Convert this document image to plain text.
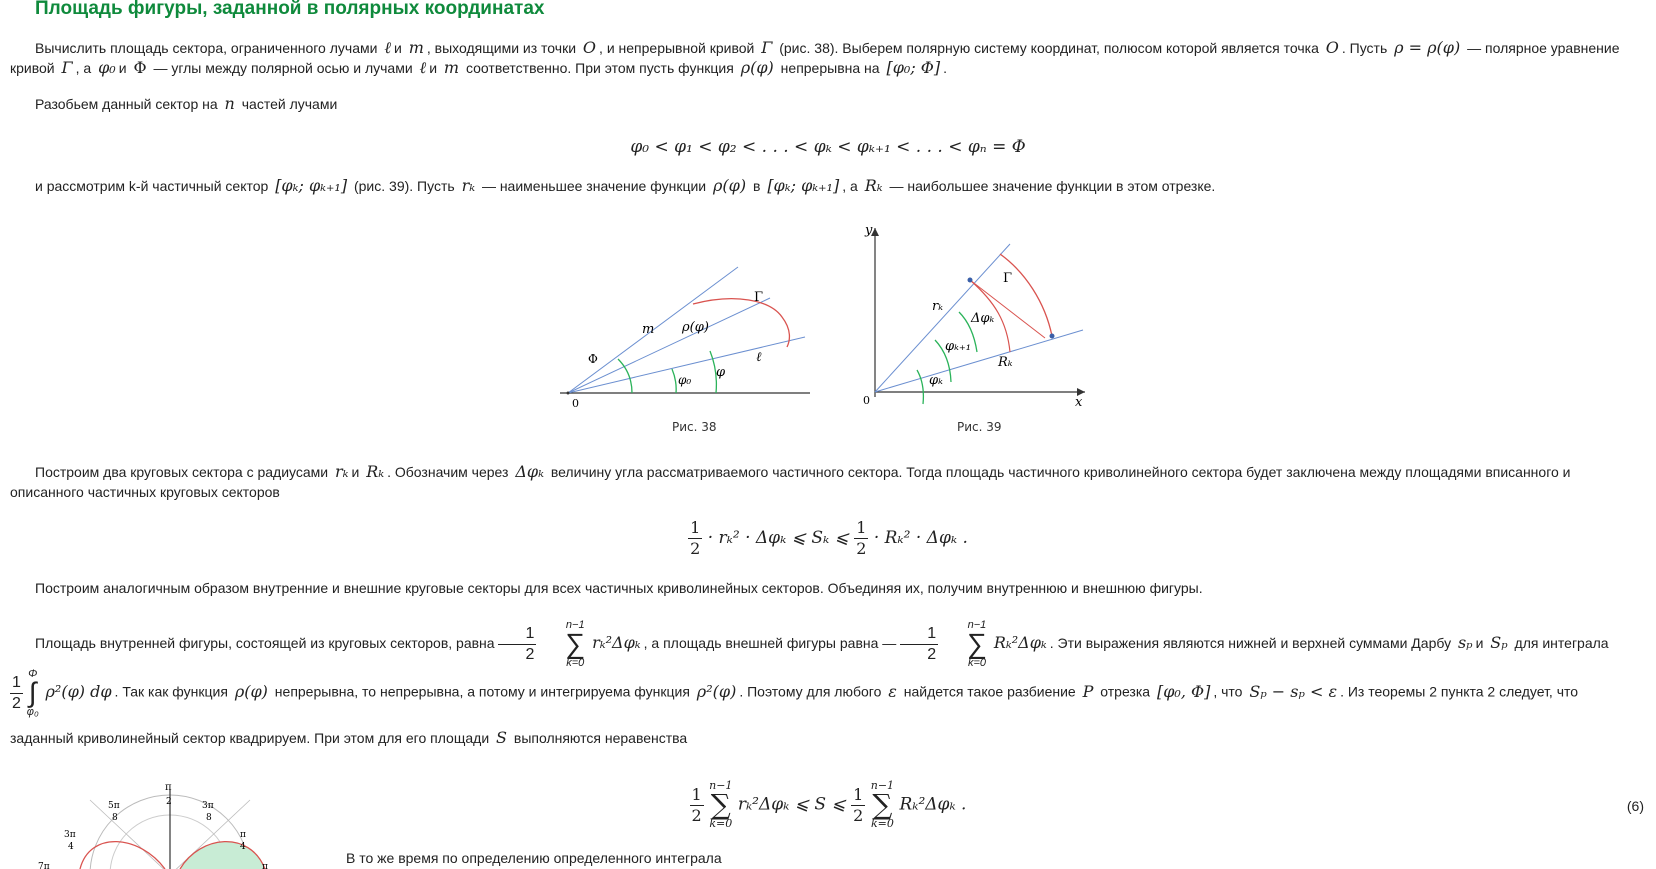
Площадь фигуры, заданной в полярных координатах

Вычислить площадь сектора, ограниченного лучами ℓ и m , выходящими из точки O , и непрерывной кривой Γ (рис. 38). Выберем полярную систему координат, полюсом которой является точка O . Пусть ρ = ρ(φ) — полярное уравнение кривой Γ , а φ₀ и Φ — углы между полярной осью и лучами ℓ и m соответственно. При этом пусть функция ρ(φ) непрерывна на [φ₀; Φ] .

Разобьем данный сектор на n частей лучами

φ₀ < φ₁ < φ₂ < . . . < φₖ < φₖ₊₁ < . . . < φₙ = Φ

и рассмотрим k-й частичный сектор [φₖ; φₖ₊₁] (рис. 39). Пусть rₖ — наименьшее значение функции ρ(φ) в [φₖ; φₖ₊₁] , а Rₖ — наибольшее значение функции в этом отрезке.

Γ
m ρ(φ)
Φ
φ
φ₀
ℓ
0
Рис. 38
y
x
0
Γ
rₖ
Δφₖ
φₖ₊₁
Rₖ
φₖ
Рис. 39

Построим два круговых сектора с радиусами rₖ и Rₖ . Обозначим через Δφₖ величину угла рассматриваемого частичного сектора. Тогда площадь частичного криволинейного сектора будет заключена между площадями вписанного и описанного частичных круговых секторов

$\frac{1}{2} \cdot r_k^2 \cdot \Delta\varphi_k$ ⩽ Sₖ ⩽ $\frac{1}{2} \cdot R_k^2 \cdot \Delta\varphi_k$ .

Построим аналогичным образом внутренние и внешние круговые секторы для всех частичных криволинейных секторов. Объединяя их, получим внутреннюю и внешнюю фигуры.

Площадь внутренней фигуры, состоящей из круговых секторов, равна $\frac{1}{2}$
	n−1
∑
k=0
rₖ²Δφₖ , а площадь внешней фигуры равна — $\frac{1}{2}$
	n−1
∑
k=0
Rₖ²Δφₖ . Эти выражения являются нижней и верхней суммами Дарбу sₚ и Sₚ для интеграла
$\frac{1}{2}$
Φ
∫
φ₀
ρ²(φ) dφ . Так как функция ρ(φ) непрерывна, то непрерывна, а потому и интегрируема функция ρ²(φ) . Поэтому для любого ε найдется такое разбиение P отрезка [φ₀, Φ] , что Sₚ − sₚ < ε . Из теоремы 2 пункта 2 следует, что заданный криволинейный сектор квадрируем. При этом для его площади S выполняются неравенства
$\frac{1}{2}$
n−1
∑
k=0
rₖ²Δφₖ ⩽ S ⩽ $\frac{1}{2}$
n−1
∑
k=0
Rₖ²Δφₖ .	(6)
π
2
5π
8
3π
8
3π
4
π
4
7π	π

В то же время по определению определенного интеграла
